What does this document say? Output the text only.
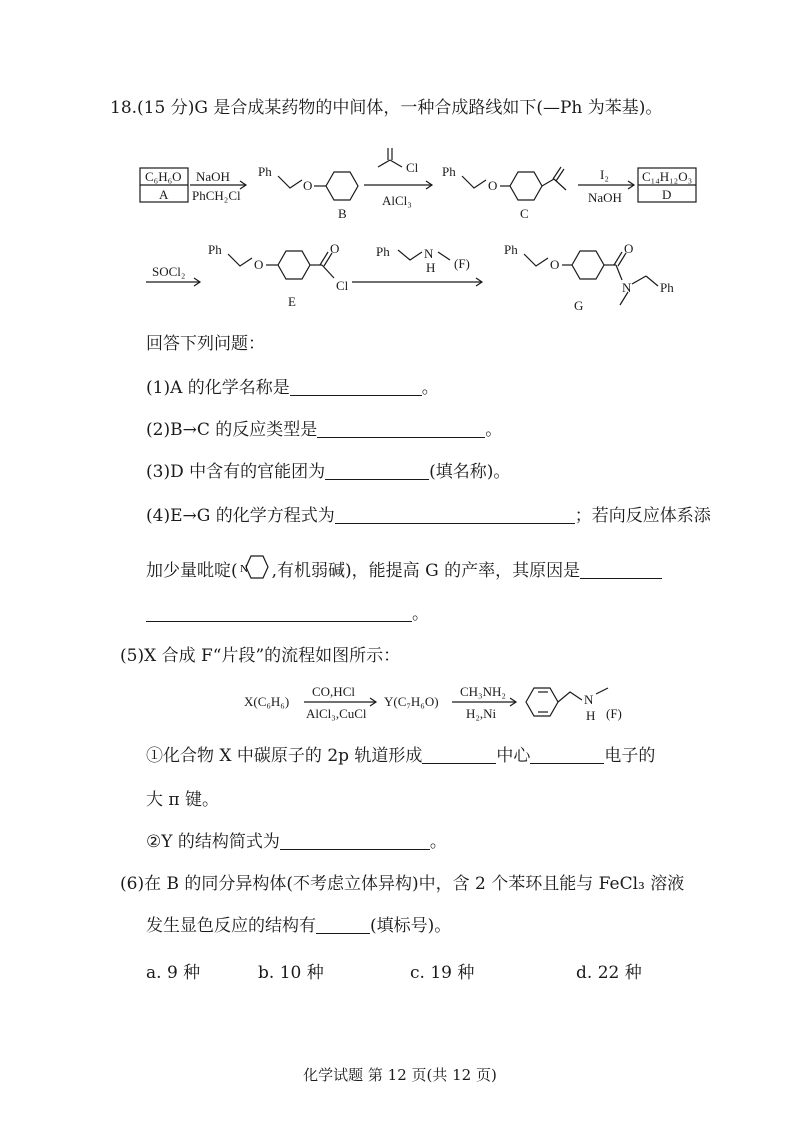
18.(15 分)G 是合成某药物的中间体，一种合成路线如下(—Ph 为苯基)。
C₆H₆O
A
NaOH
PhCH₂Cl
Ph
O
B
Cl
AlCl₃
Ph
O
C
I₂
NaOH
C₁₄H₁₂O₃
D
SOCl₂
Ph
O
O
Cl
E
Ph	N
H (F)
Ph
O
O
N Ph
G
回答下列问题：
(1)A 的化学名称是	。
(2)B→C 的反应类型是	。
(3)D 中含有的官能团为	(填名称)。
(4)E→G 的化学方程式为	；若向反应体系添
加少量吡啶( N ,有机弱碱)，能提高 G 的产率，其原因是
。
(5)X 合成 F“片段”的流程如图所示：
X(C₆H₆)
CO,HCl
AlCl₃,CuCl
Y(C₇H₆O)
CH₃NH₂
H₂,Ni
N
H (F)
①化合物 X 中碳原子的 2p 轨道形成	中心	电子的
大 π 键。
②Y 的结构简式为	。
(6)在 B 的同分异构体(不考虑立体异构)中，含 2 个苯环且能与 FeCl₃ 溶液
发生显色反应的结构有	(填标号)。
a. 9 种	b. 10 种	c. 19 种	d. 22 种
化学试题 第 12 页(共 12 页)
